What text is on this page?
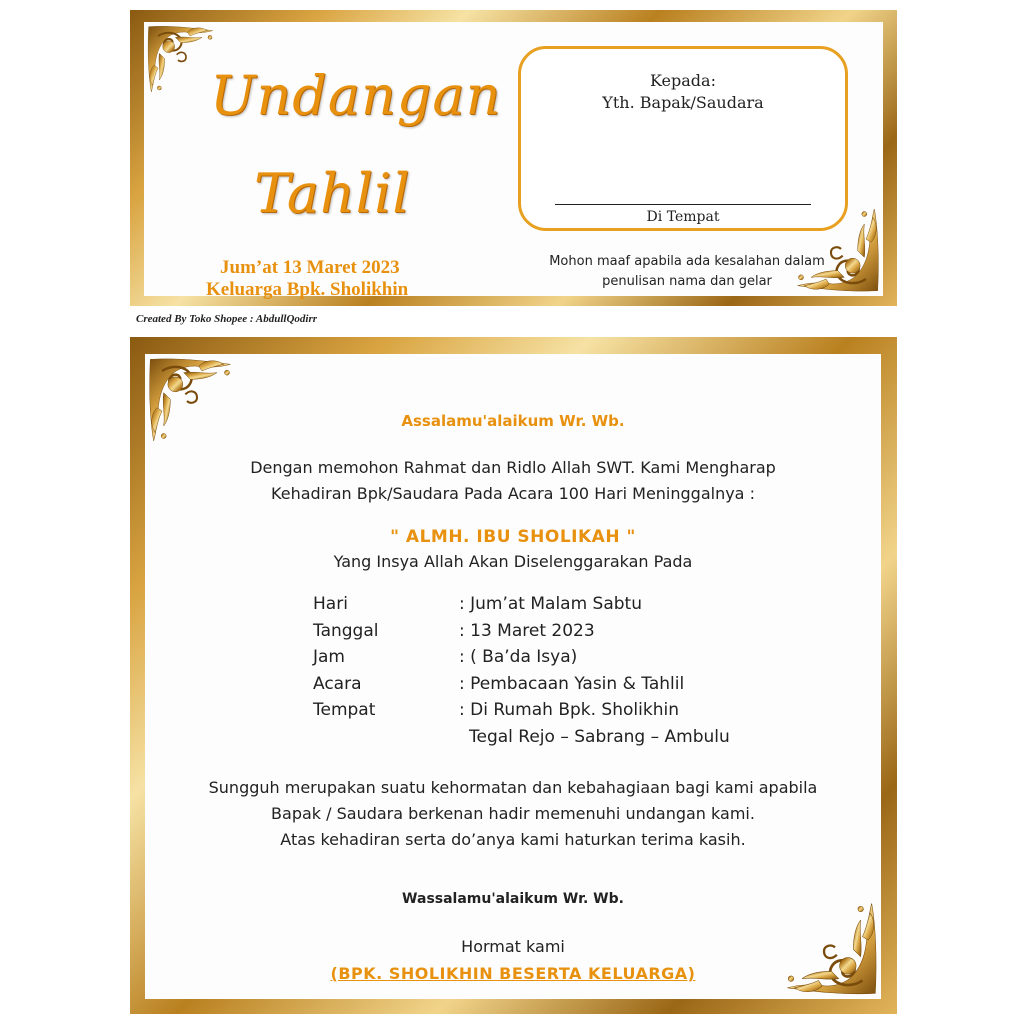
Undangan
Tahlil
Jum’at 13 Maret 2023
Keluarga Bpk. Sholikhin
Kepada:
Yth. Bapak/Saudara
Di Tempat
Mohon maaf apabila ada kesalahan dalam
penulisan nama dan gelar
Created By Toko Shopee : AbdullQodirr
Assalamu'alaikum Wr. Wb.
Dengan memohon Rahmat dan Ridlo Allah SWT. Kami Mengharap
Kehadiran Bpk/Saudara Pada Acara 100 Hari Meninggalnya :
" ALMH. IBU SHOLIKAH "
Yang Insya Allah Akan Diselenggarakan Pada
Hari	: Jum’at Malam Sabtu
Tanggal	: 13 Maret 2023
Jam	: ( Ba’da Isya)
Acara	: Pembacaan Yasin & Tahlil
Tempat	: Di Rumah Bpk. Sholikhin
Tegal Rejo – Sabrang – Ambulu
Sungguh merupakan suatu kehormatan dan kebahagiaan bagi kami apabila
Bapak / Saudara berkenan hadir memenuhi undangan kami.
Atas kehadiran serta do’anya kami haturkan terima kasih.
Wassalamu'alaikum Wr. Wb.
Hormat kami
(BPK. SHOLIKHIN BESERTA KELUARGA)
